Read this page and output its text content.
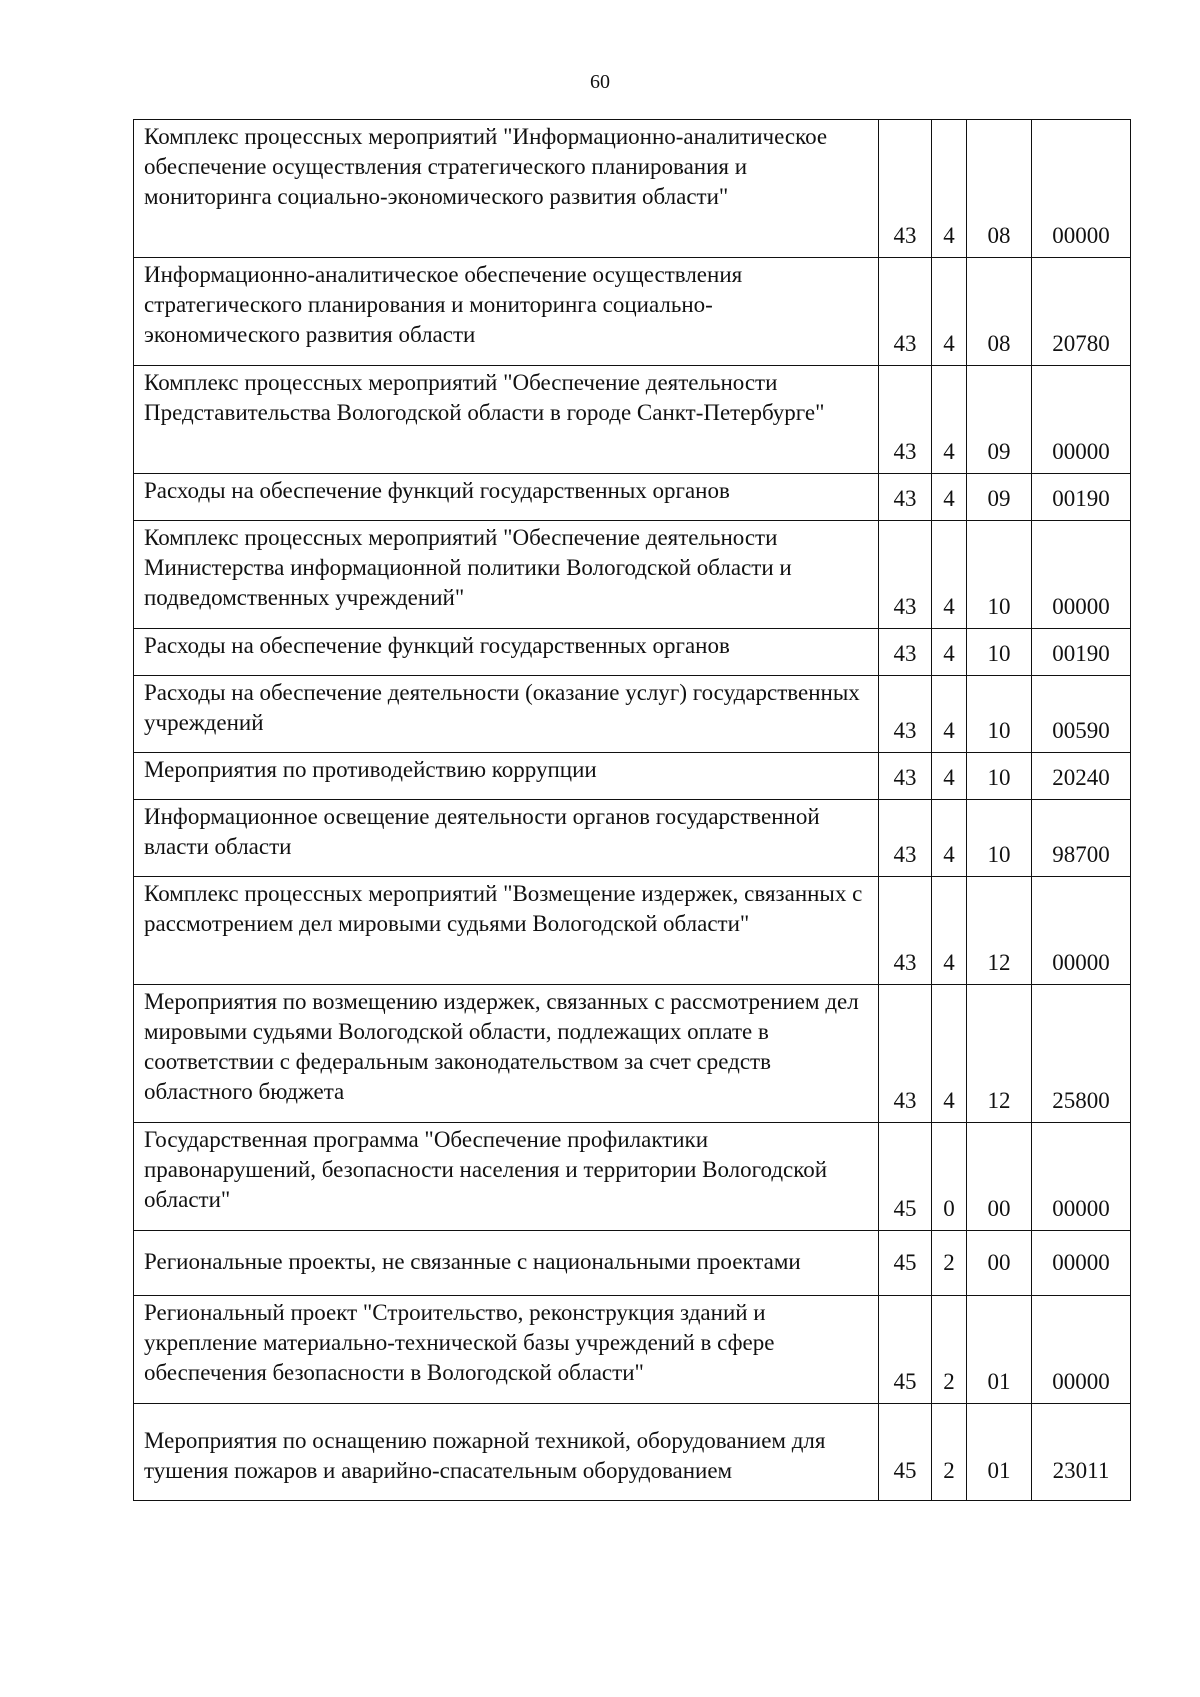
60
Комплекс процессных мероприятий "Информационно-аналитическое обеспечение осуществления стратегического планирования и мониторинга социально-экономического развития области"	43	4	08	00000
Информационно-аналитическое обеспечение осуществления стратегического планирования и мониторинга социально-экономического развития области	43	4	08	20780
Комплекс процессных мероприятий "Обеспечение деятельности Представительства Вологодской области в городе Санкт-Петербурге"	43	4	09	00000
Расходы на обеспечение функций государственных органов	43	4	09	00190
Комплекс процессных мероприятий "Обеспечение деятельности Министерства информационной политики Вологодской области и подведомственных учреждений"	43	4	10	00000
Расходы на обеспечение функций государственных органов	43	4	10	00190
Расходы на обеспечение деятельности (оказание услуг) государственных учреждений	43	4	10	00590
Мероприятия по противодействию коррупции	43	4	10	20240
Информационное освещение деятельности органов государственной власти области	43	4	10	98700
Комплекс процессных мероприятий "Возмещение издержек, связанных с рассмотрением дел мировыми судьями Вологодской области"	43	4	12	00000
Мероприятия по возмещению издержек, связанных с рассмотрением дел мировыми судьями Вологодской области, подлежащих оплате в соответствии с федеральным законодательством за счет средств областного бюджета	43	4	12	25800
Государственная программа "Обеспечение профилактики правонарушений, безопасности населения и территории Вологодской области"	45	0	00	00000
Региональные проекты, не связанные с национальными проектами	45	2	00	00000
Региональный проект "Строительство, реконструкция зданий и укрепление материально-технической базы учреждений в сфере обеспечения безопасности в Вологодской области"	45	2	01	00000
Мероприятия по оснащению пожарной техникой, оборудованием для тушения пожаров и аварийно-спасательным оборудованием	45	2	01	23011
